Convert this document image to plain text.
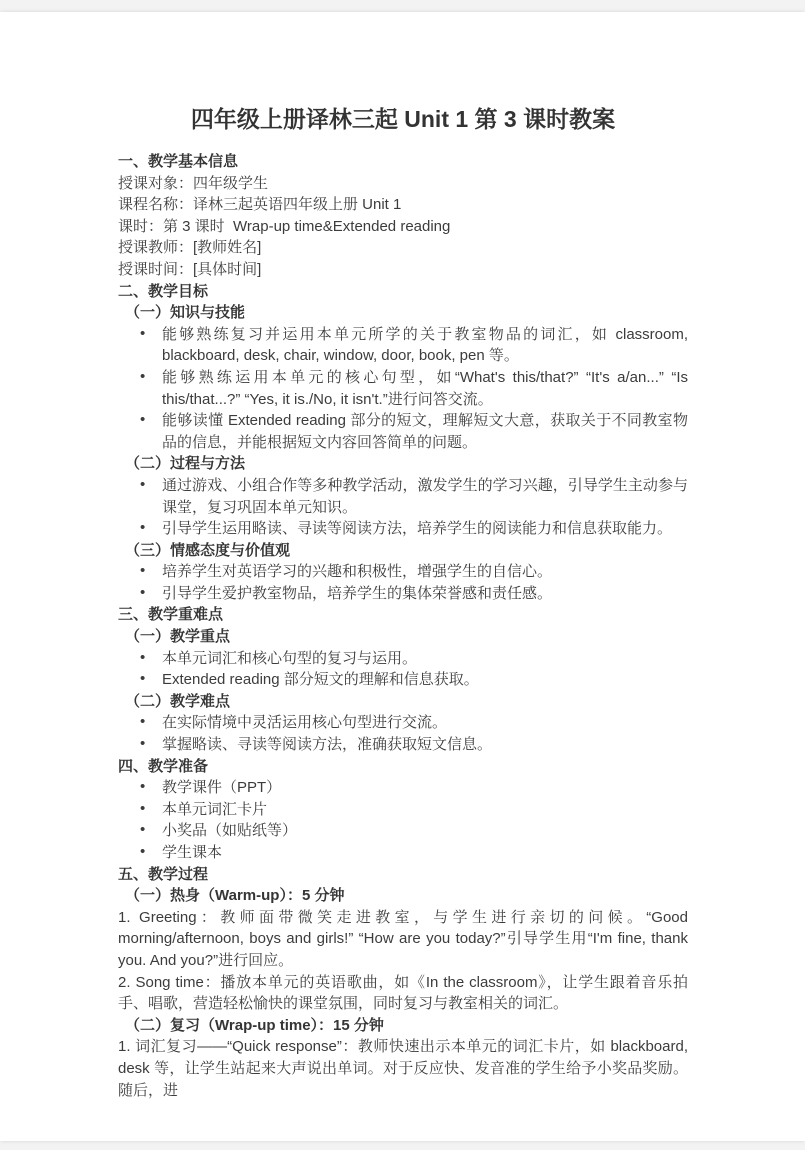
四年级上册译林三起 Unit 1 第 3 课时教案
一、教学基本信息
授课对象：四年级学生
课程名称：译林三起英语四年级上册 Unit 1
课时：第 3 课时  Wrap-up time&Extended reading
授课教师：[教师姓名]
授课时间：[具体时间]
二、教学目标
（一）知识与技能
• 能够熟练复习并运用本单元所学的关于教室物品的词汇，如 classroom, blackboard, desk, chair, window, door, book, pen 等。
• 能够熟练运用本单元的核心句型，如“What's this/that?” “It's a/an...” “Is this/that...?” “Yes, it is./No, it isn't.”进行问答交流。
• 能够读懂 Extended reading 部分的短文，理解短文大意，获取关于不同教室物品的信息，并能根据短文内容回答简单的问题。
（二）过程与方法
• 通过游戏、小组合作等多种教学活动，激发学生的学习兴趣，引导学生主动参与课堂，复习巩固本单元知识。
• 引导学生运用略读、寻读等阅读方法，培养学生的阅读能力和信息获取能力。
（三）情感态度与价值观
• 培养学生对英语学习的兴趣和积极性，增强学生的自信心。
• 引导学生爱护教室物品，培养学生的集体荣誉感和责任感。
三、教学重难点
（一）教学重点
• 本单元词汇和核心句型的复习与运用。
• Extended reading 部分短文的理解和信息获取。
（二）教学难点
• 在实际情境中灵活运用核心句型进行交流。
• 掌握略读、寻读等阅读方法，准确获取短文信息。
四、教学准备
• 教学课件（PPT）
• 本单元词汇卡片
• 小奖品（如贴纸等）
• 学生课本
五、教学过程
（一）热身（Warm-up）：5 分钟
1. Greeting：教师面带微笑走进教室，与学生进行亲切的问候。“Good morning/afternoon, boys and girls!” “How are you today?”引导学生用“I'm fine, thank you. And you?”进行回应。
2. Song time：播放本单元的英语歌曲，如《In the classroom》，让学生跟着音乐拍手、唱歌，营造轻松愉快的课堂氛围，同时复习与教室相关的词汇。
（二）复习（Wrap-up time）：15 分钟
1. 词汇复习——“Quick response”：教师快速出示本单元的词汇卡片，如 blackboard, desk 等，让学生站起来大声说出单词。对于反应快、发音准的学生给予小奖品奖励。随后，进
